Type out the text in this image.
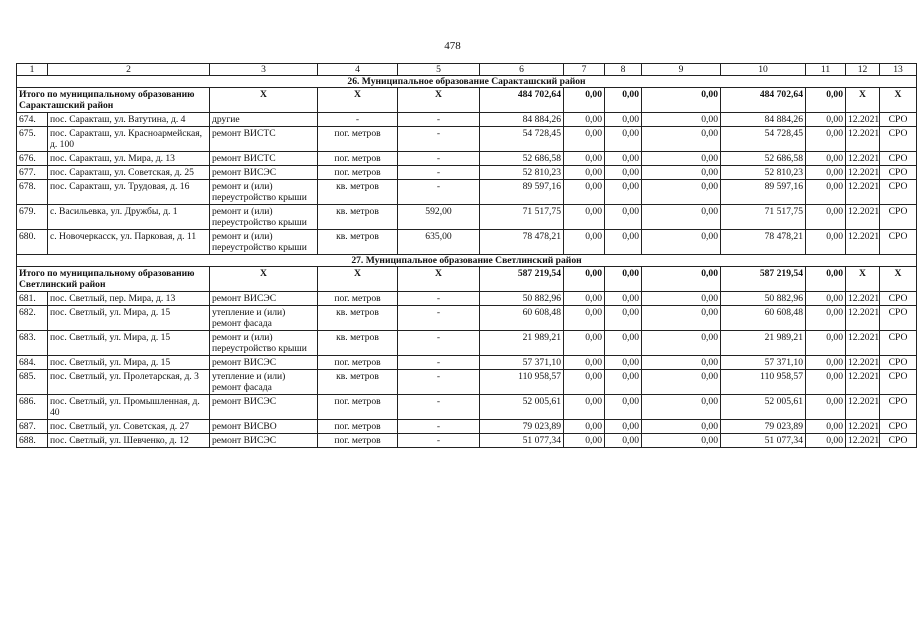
478
1	2	3	4	5	6	7	8	9	10	11	12	13
26. Муниципальное образование Саракташский район												
Итого по муниципальному образованию Саракташский район		Х	Х	Х	484 702,64	0,00	0,00	0,00	484 702,64	0,00	Х	Х
674.	пос. Саракташ, ул. Ватутина, д. 4	другие	-	-	84 884,26	0,00	0,00	0,00	84 884,26	0,00	12.2021	СРО
675.	пос. Саракташ, ул. Красноармейская, д. 100	ремонт ВИСТС	пог. метров	-	54 728,45	0,00	0,00	0,00	54 728,45	0,00	12.2021	СРО
676.	пос. Саракташ, ул. Мира, д. 13	ремонт ВИСТС	пог. метров	-	52 686,58	0,00	0,00	0,00	52 686,58	0,00	12.2021	СРО
677.	пос. Саракташ, ул. Советская, д. 25	ремонт ВИСЭС	пог. метров	-	52 810,23	0,00	0,00	0,00	52 810,23	0,00	12.2021	СРО
678.	пос. Саракташ, ул. Трудовая, д. 16	ремонт и (или) переустройство крыши	кв. метров	-	89 597,16	0,00	0,00	0,00	89 597,16	0,00	12.2021	СРО
679.	с. Васильевка, ул. Дружбы, д. 1	ремонт и (или) переустройство крыши	кв. метров	592,00	71 517,75	0,00	0,00	0,00	71 517,75	0,00	12.2021	СРО
680.	с. Новочеркасск, ул. Парковая, д. 11	ремонт и (или) переустройство крыши	кв. метров	635,00	78 478,21	0,00	0,00	0,00	78 478,21	0,00	12.2021	СРО
27. Муниципальное образование Светлинский район												
Итого по муниципальному образованию Светлинский район		Х	Х	Х	587 219,54	0,00	0,00	0,00	587 219,54	0,00	Х	Х
681.	пос. Светлый, пер. Мира, д. 13	ремонт ВИСЭС	пог. метров	-	50 882,96	0,00	0,00	0,00	50 882,96	0,00	12.2021	СРО
682.	пос. Светлый, ул. Мира, д. 15	утепление и (или) ремонт фасада	кв. метров	-	60 608,48	0,00	0,00	0,00	60 608,48	0,00	12.2021	СРО
683.	пос. Светлый, ул. Мира, д. 15	ремонт и (или) переустройство крыши	кв. метров	-	21 989,21	0,00	0,00	0,00	21 989,21	0,00	12.2021	СРО
684.	пос. Светлый, ул. Мира, д. 15	ремонт ВИСЭС	пог. метров	-	57 371,10	0,00	0,00	0,00	57 371,10	0,00	12.2021	СРО
685.	пос. Светлый, ул. Пролетарская, д. 3	утепление и (или) ремонт фасада	кв. метров	-	110 958,57	0,00	0,00	0,00	110 958,57	0,00	12.2021	СРО
686.	пос. Светлый, ул. Промышленная, д. 40	ремонт ВИСЭС	пог. метров	-	52 005,61	0,00	0,00	0,00	52 005,61	0,00	12.2021	СРО
687.	пос. Светлый, ул. Советская, д. 27	ремонт ВИСВО	пог. метров	-	79 023,89	0,00	0,00	0,00	79 023,89	0,00	12.2021	СРО
688.	пос. Светлый, ул. Шевченко, д. 12	ремонт ВИСЭС	пог. метров	-	51 077,34	0,00	0,00	0,00	51 077,34	0,00	12.2021	СРО
